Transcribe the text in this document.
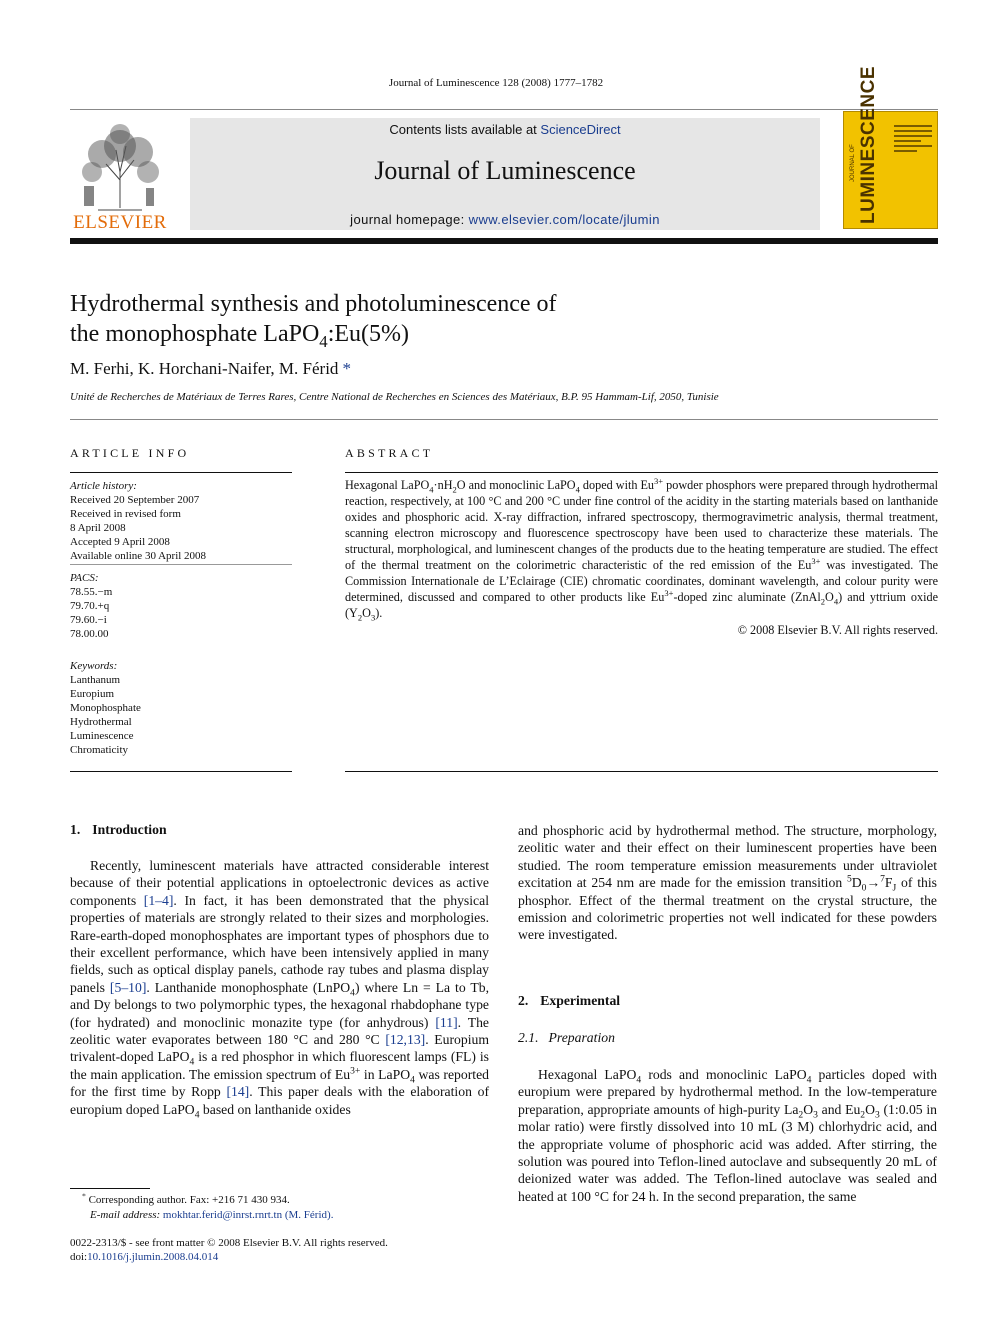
Journal of Luminescence 128 (2008) 1777–1782
ELSEVIER
Contents lists available at ScienceDirect
Journal of Luminescence
journal homepage: www.elsevier.com/locate/jlumin	LUMINESCENCE
JOURNAL OF
Hydrothermal synthesis and photoluminescence of
the monophosphate LaPO$_4$:Eu(5%)
M. Ferhi, K. Horchani-Naifer, M. Férid *
Unité de Recherches de Matériaux de Terres Rares, Centre National de Recherches en Sciences des Matériaux, B.P. 95 Hammam-Lif, 2050, Tunisie
ARTICLE INFO
Article history:
Received 20 September 2007
Received in revised form
8 April 2008
Accepted 9 April 2008
Available online 30 April 2008
PACS:
78.55.−m
79.70.+q
79.60.−i
78.00.00
Keywords:
Lanthanum
Europium
Monophosphate
Hydrothermal
Luminescence
Chromaticity
ABSTRACT
Hexagonal $LaPO_4\cdot nH_2O$ and monoclinic LaPO$_4$ doped with $Eu^{3+}$ powder phosphors were prepared through hydrothermal reaction, respectively, at 100 °C and 200 °C under fine control of the acidity in the starting materials based on lanthanide oxides and phosphoric acid. X-ray diffraction, infrared spectroscopy, thermogravimetric analysis, thermal treatment, scanning electron microscopy and fluorescence spectroscopy have been used to characterize these materials. The structural, morphological, and luminescent changes of the products due to the heating temperature are studied. The effect of the thermal treatment on the colorimetric characteristic of the red emission of the $Eu^{3+}$ was investigated. The Commission Internationale de L’Eclairage (CIE) chromatic coordinates, dominant wavelength, and colour purity were determined, discussed and compared to other products like $Eu^{3+}$-doped zinc aluminate $(ZnAl_2O_4)$ and yttrium oxide $(Y_2O_3)$.
© 2008 Elsevier B.V. All rights reserved.
1. Introduction
Recently, luminescent materials have attracted considerable interest because of their potential applications in optoelectronic devices as active components [1–4]. In fact, it has been demonstrated that the physical properties of materials are strongly related to their sizes and morphologies. Rare-earth-doped monophosphates are important types of phosphors due to their excellent performance, which have been intensively applied in many fields, such as optical display panels, cathode ray tubes and plasma display panels [5–10]. Lanthanide monophosphate (LnPO$_4$) where Ln = La to Tb, and Dy belongs to two polymorphic types, the hexagonal rhabdophane type (for hydrated) and monoclinic monazite type (for anhydrous) [11]. The zeolitic water evaporates between 180 °C and 280 °C [12,13]. Europium trivalent-doped LaPO$_4$ is a red phosphor in which fluorescent lamps (FL) is the main application. The emission spectrum of $Eu^{3+}$ in LaPO$_4$ was reported for the first time by Ropp [14]. This paper deals with the elaboration of europium doped LaPO$_4$ based on lanthanide oxides
* Corresponding author. Fax: +216 71 430 934.
E-mail address: mokhtar.ferid@inrst.rnrt.tn (M. Férid).
0022-2313/$ - see front matter © 2008 Elsevier B.V. All rights reserved.
doi:10.1016/j.jlumin.2008.04.014
and phosphoric acid by hydrothermal method. The structure, morphology, zeolitic water and their effect on their luminescent properties have been studied. The room temperature emission measurements under ultraviolet excitation at 254 nm are made for the emission transition $^5D_0\to^7F_J$ of this phosphor. Effect of the thermal treatment on the crystal structure, the emission and colorimetric properties not well indicated for these powders were investigated.
2. Experimental
2.1. Preparation
Hexagonal LaPO$_4$ rods and monoclinic LaPO$_4$ particles doped with europium were prepared by hydrothermal method. In the low-temperature preparation, appropriate amounts of high-purity $La_2O_3$ and $Eu_2O_3$ (1:0.05 in molar ratio) were firstly dissolved into 10 mL (3 M) chlorhydric acid, and the appropriate volume of phosphoric acid was added. After stirring, the solution was poured into Teflon-lined autoclave and subsequently 20 mL of deionized water was added. The Teflon-lined autoclave was sealed and heated at 100 °C for 24 h. In the second preparation, the same
